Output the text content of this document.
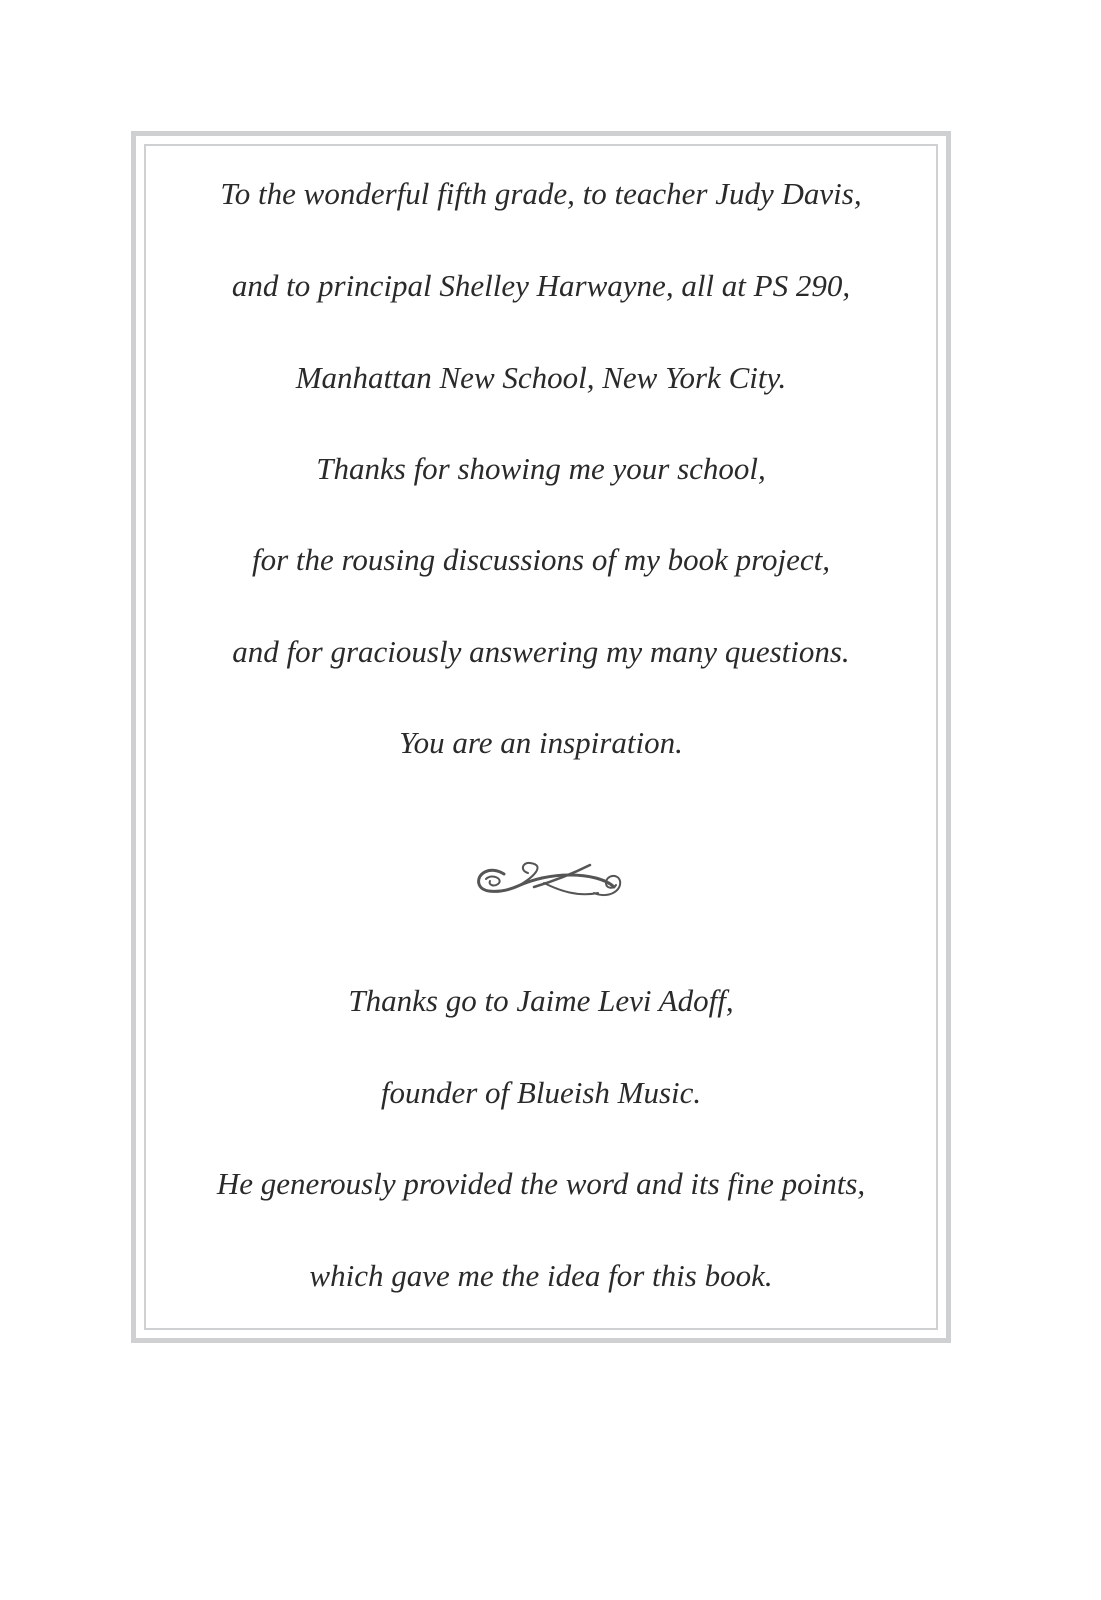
To the wonderful fifth grade, to teacher Judy Davis,
and to principal Shelley Harwayne, all at PS 290,
Manhattan New School, New York City.
Thanks for showing me your school,
for the rousing discussions of my book project,
and for graciously answering my many questions.
You are an inspiration.
Thanks go to Jaime Levi Adoff,
founder of Blueish Music.
He generously provided the word and its fine points,
which gave me the idea for this book.
